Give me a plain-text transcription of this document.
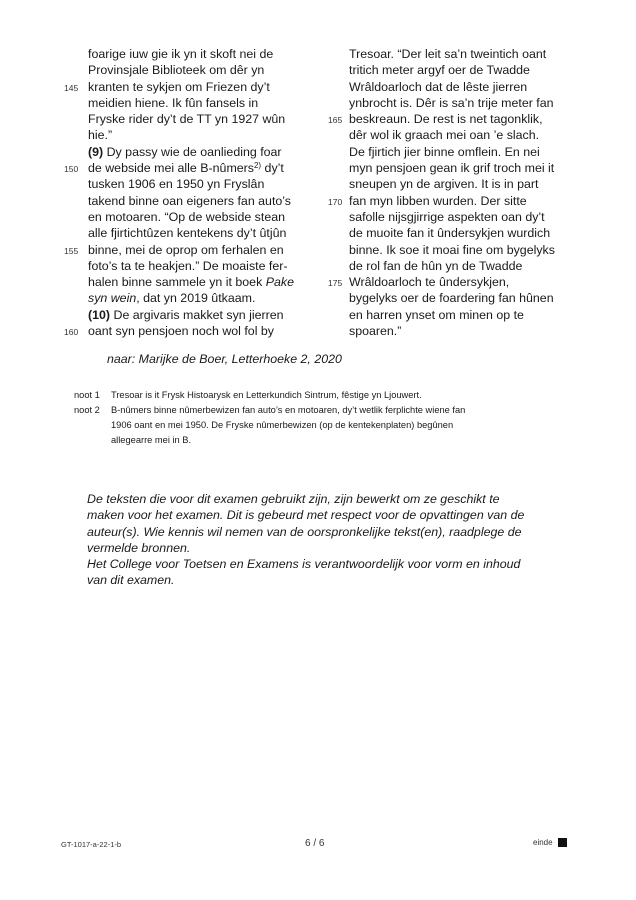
foarige iuw gie ik yn it skoft nei de
Provinsjale Biblioteek om dêr yn
145 kranten te sykjen om Friezen dy’t
meidien hiene. Ik fûn fansels in
Fryske rider dy’t de TT yn 1927 wûn
hie.”
(9) Dy passy wie de oanlieding foar
150 de webside mei alle B-nûmers$^{2)}$ dy’t
tusken 1906 en 1950 yn Fryslân
takend binne oan eigeners fan auto’s
en motoaren. “Op de webside stean
alle fjirtichtûzen kentekens dy’t ûtjûn
155 binne, mei de oprop om ferhalen en
foto’s ta te heakjen.” De moaiste fer-
halen binne sammele yn it boek Pake
syn wein, dat yn 2019 ûtkaam.
(10) De argivaris makket syn jierren
160 oant syn pensjoen noch wol fol by
Tresoar. “Der leit sa’n tweintich oant
tritich meter argyf oer de Twadde
Wrâldoarloch dat de lêste jierren
ynbrocht is. Dêr is sa’n trije meter fan
165 beskreaun. De rest is net tagonklik,
dêr wol ik graach mei oan ’e slach.
De fjirtich jier binne omflein. En nei
myn pensjoen gean ik grif troch mei it
sneupen yn de argiven. It is in part
170 fan myn libben wurden. Der sitte
safolle nijsgjirrige aspekten oan dy’t
de muoite fan it ûndersykjen wurdich
binne. Ik soe it moai fine om bygelyks
de rol fan de hûn yn de Twadde
175 Wrâldoarloch te ûndersykjen,
bygelyks oer de foardering fan hûnen
en harren ynset om minen op te
spoaren.”
naar: Marijke de Boer, Letterhoeke 2, 2020
noot 1	Tresoar is it Frysk Histoarysk en Letterkundich Sintrum, fêstige yn Ljouwert.
noot 2	B-nûmers binne nûmerbewizen fan auto’s en motoaren, dy’t wetlik ferplichte wiene fan
1906 oant en mei 1950. De Fryske nûmerbewizen (op de kentekenplaten) begûnen
allegearre mei in B.
De teksten die voor dit examen gebruikt zijn, zijn bewerkt om ze geschikt te
maken voor het examen. Dit is gebeurd met respect voor de opvattingen van de
auteur(s). Wie kennis wil nemen van de oorspronkelijke tekst(en), raadplege de
vermelde bronnen.
Het College voor Toetsen en Examens is verantwoordelijk voor vorm en inhoud
van dit examen.
GT-1017-a-22-1-b	6 / 6	einde
